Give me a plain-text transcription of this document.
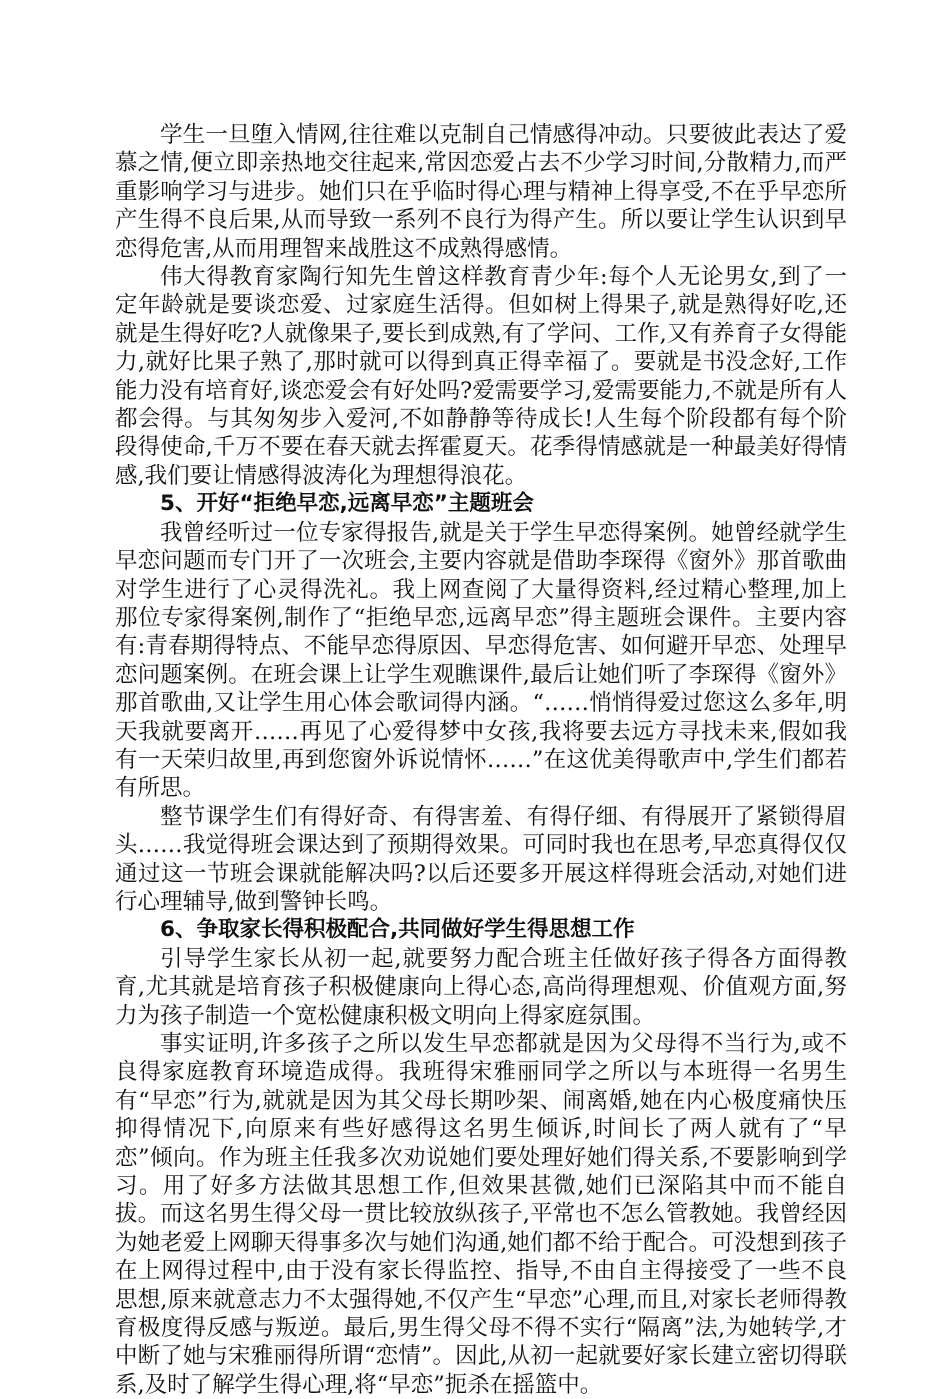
学生一旦堕入情网,往往难以克制自己情感得冲动。只要彼此表达了爱慕之情,便立即亲热地交往起来,常因恋爱占去不少学习时间,分散精力,而严重影响学习与进步。她们只在乎临时得心理与精神上得享受,不在乎早恋所产生得不良后果,从而导致一系列不良行为得产生。所以要让学生认识到早恋得危害,从而用理智来战胜这不成熟得感情。

伟大得教育家陶行知先生曾这样教育青少年:每个人无论男女,到了一定年龄就是要谈恋爱、过家庭生活得。但如树上得果子,就是熟得好吃,还就是生得好吃?人就像果子,要长到成熟,有了学问、工作,又有养育子女得能力,就好比果子熟了,那时就可以得到真正得幸福了。要就是书没念好,工作能力没有培育好,谈恋爱会有好处吗?爱需要学习,爱需要能力,不就是所有人都会得。与其匆匆步入爱河,不如静静等待成长!人生每个阶段都有每个阶段得使命,千万不要在春天就去挥霍夏天。花季得情感就是一种最美好得情感,我们要让情感得波涛化为理想得浪花。

5、开好“拒绝早恋,远离早恋”主题班会

我曾经听过一位专家得报告,就是关于学生早恋得案例。她曾经就学生早恋问题而专门开了一次班会,主要内容就是借助李琛得《窗外》那首歌曲对学生进行了心灵得洗礼。我上网查阅了大量得资料,经过精心整理,加上那位专家得案例,制作了“拒绝早恋,远离早恋”得主题班会课件。主要内容有:青春期得特点、不能早恋得原因、早恋得危害、如何避开早恋、处理早恋问题案例。在班会课上让学生观瞧课件,最后让她们听了李琛得《窗外》那首歌曲,又让学生用心体会歌词得内涵。“……悄悄得爱过您这么多年,明天我就要离开……再见了心爱得梦中女孩,我将要去远方寻找未来,假如我有一天荣归故里,再到您窗外诉说情怀……”在这优美得歌声中,学生们都若有所思。

整节课学生们有得好奇、有得害羞、有得仔细、有得展开了紧锁得眉头……我觉得班会课达到了预期得效果。可同时我也在思考,早恋真得仅仅通过这一节班会课就能解决吗?以后还要多开展这样得班会活动,对她们进行心理辅导,做到警钟长鸣。

6、争取家长得积极配合,共同做好学生得思想工作

引导学生家长从初一起,就要努力配合班主任做好孩子得各方面得教育,尤其就是培育孩子积极健康向上得心态,高尚得理想观、价值观方面,努力为孩子制造一个宽松健康积极文明向上得家庭氛围。

事实证明,许多孩子之所以发生早恋都就是因为父母得不当行为,或不良得家庭教育环境造成得。我班得宋雅丽同学之所以与本班得一名男生有“早恋”行为,就就是因为其父母长期吵架、闹离婚,她在内心极度痛快压抑得情况下,向原来有些好感得这名男生倾诉,时间长了两人就有了“早恋”倾向。作为班主任我多次劝说她们要处理好她们得关系,不要影响到学习。用了好多方法做其思想工作,但效果甚微,她们已深陷其中而不能自拔。而这名男生得父母一贯比较放纵孩子,平常也不怎么管教她。我曾经因为她老爱上网聊天得事多次与她们沟通,她们都不给于配合。可没想到孩子在上网得过程中,由于没有家长得监控、指导,不由自主得接受了一些不良思想,原来就意志力不太强得她,不仅产生“早恋”心理,而且,对家长老师得教育极度得反感与叛逆。最后,男生得父母不得不实行“隔离”法,为她转学,才中断了她与宋雅丽得所谓“恋情”。因此,从初一起就要好家长建立密切得联系,及时了解学生得心理,将“早恋”扼杀在摇篮中。
